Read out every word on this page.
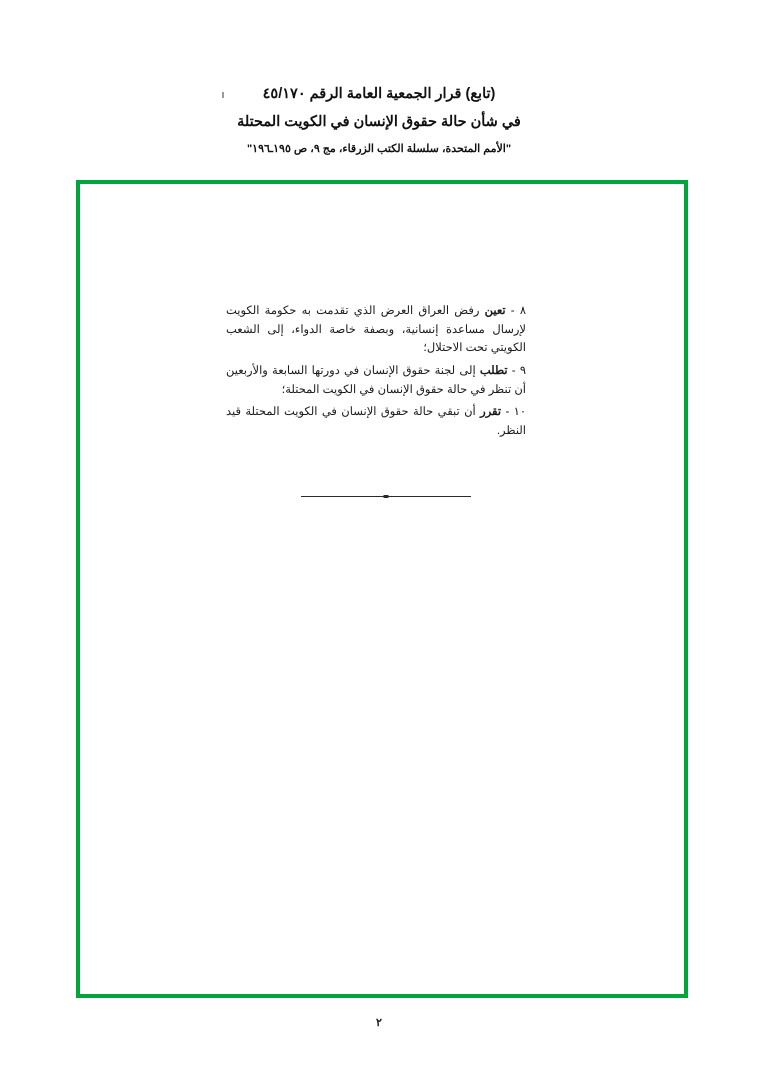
(تابع) قرار الجمعية العامة الرقم ٤٥/١٧٠
في شأن حالة حقوق الإنسان في الكويت المحتلة
"الأمم المتحدة، سلسلة الكتب الزرقاء، مج ٩، ص ١٩٥ـ١٩٦"
٨ - تعين رفض العراق العرض الذي تقدمت به حكومة الكويت لإرسال مساعدة إنسانية، وبصفة خاصة الدواء، إلى الشعب الكويتي تحت الاحتلال؛
٩ - تطلب إلى لجنة حقوق الإنسان في دورتها السابعة والأربعين أن تنظر في حالة حقوق الإنسان في الكويت المحتلة؛
١٠ - تقرر أن تبقي حالة حقوق الإنسان في الكويت المحتلة قيد النظر.
٢
